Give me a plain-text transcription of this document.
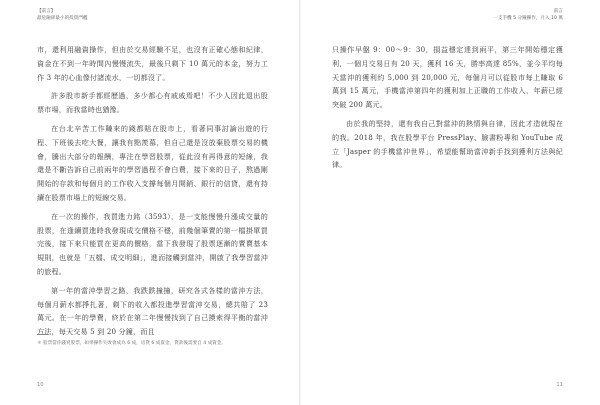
【前言】
最危險卻最小的投資門檻

市，還利用融資操作，但由於交易經驗不足，也沒有正確心態和紀律，資金在不到一年時間內慢慢流失，最後只剩下 10 萬元的本金，努力工作 3 年的心血像付諸流水，一切都沒了。

許多股市新手都經歷過，多少都心有戚戚焉吧！不少人因此退出股票市場，而我當時也猶豫。

在台北辛苦工作賺來的錢都賠在股市上，看著同事討論出遊的行程、下班後去吃大餐，讓我有點羨慕，但自己還是沒放棄股票交易的機會，騰出大部分的報酬，專注在學習股票，從此沒有再得意的短線，我還是不斷告訴自己前兩年的學習過程不會白費，接下來的日子，熬過剛開始的存款和每個月的工作收入支撐每個月開銷、銀行的信貸，還有持續在股票市場上的短線交易。

在一次的操作，我買進力銘（3593），是一支能慢慢升漲成交量的股票，在逢續買進時我發現成交價格不穩，前幾個筆賣的第一檔掛單買完後，接下來只能買在更高的價格，當下我發現了股票逐漸的賣賣基本規則，也就是「五檔、成交明細」，進而接觸到當沖，開啟了我學習當沖的旅程。

第一年的當沖學習之路，我跌跌撞撞，研究各式各樣的當沖方法，每個月薪水都掙扎著，剩下的收入都投進學習當沖交易，總共賠了 23 萬元。在一年的學費，終於在第二年慢慢找到了自己摸索得平衡的當沖方法，每天交易 5 到 20 分鐘，而且

＊ 股票當你錢買股票，如果操作失敗會成為 6 成，房貸 6 成資金，貸款後需要自 4 成資金。
10
前言
一支手機 5 分鐘操作，月入 10 萬

只操作早盤 9：00～9：30，損益穩定達到兩平，第三年開始穩定獲利，一個月交易日有 20 天，獲利 16 天，勝率高達 85%，並今平均每天當沖的獲利約 5,000 到 20,000 元，每個月可以從股市每上賺取 6 萬到 15 萬元，手機當沖第四年的獲利加上正職的工作收入，年薪已經突破 200 萬元。

由於我的堅持，還有我自己對當沖的熱情與自律，因此才造就現在的我。2018 年，我在股學平台 PressPlay、臉書粉專和 YouTube 成立「Jasper 的手機當沖世界」，希望能幫助當沖新手找到獲利方法與紀律。

11
